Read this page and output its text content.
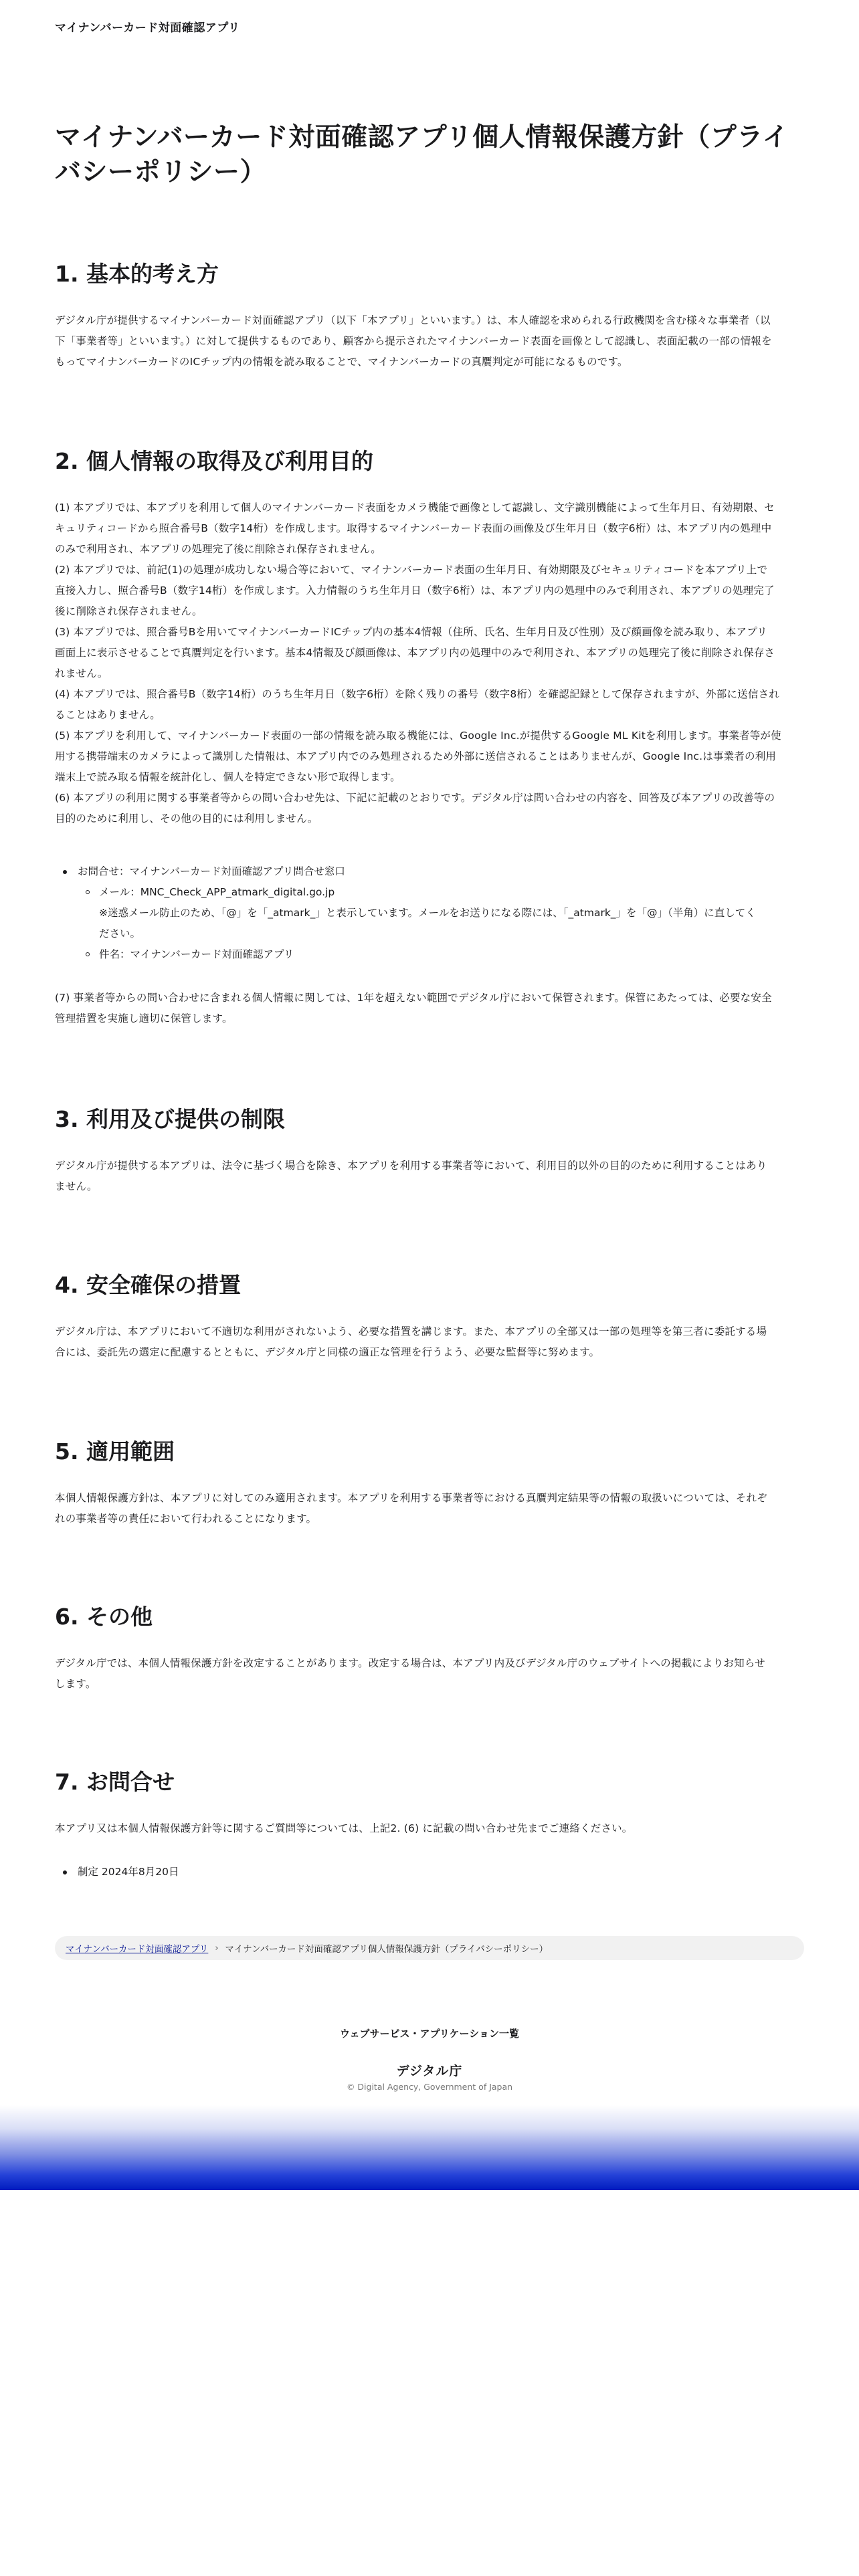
マイナンバーカード対面確認アプリ
マイナンバーカード対面確認アプリ個人情報保護方針（プライバシーポリシー）
1. 基本的考え方

デジタル庁が提供するマイナンバーカード対面確認アプリ（以下「本アプリ」といいます。）は、本人確認を求められる行政機関を含む様々な事業者（以

下「事業者等」といいます。）に対して提供するものであり、顧客から提示されたマイナンバーカード表面を画像として認識し、表面記載の一部の情報を

もってマイナンバーカードのICチップ内の情報を読み取ることで、マイナンバーカードの真贋判定が可能になるものです。

2. 個人情報の取得及び利用目的

(1) 本アプリでは、本アプリを利用して個人のマイナンバーカード表面をカメラ機能で画像として認識し、文字識別機能によって生年月日、有効期限、セ

キュリティコードから照合番号B（数字14桁）を作成します。取得するマイナンバーカード表面の画像及び生年月日（数字6桁）は、本アプリ内の処理中

のみで利用され、本アプリの処理完了後に削除され保存されません。

(2) 本アプリでは、前記(1)の処理が成功しない場合等において、マイナンバーカード表面の生年月日、有効期限及びセキュリティコードを本アプリ上で

直接入力し、照合番号B（数字14桁）を作成します。入力情報のうち生年月日（数字6桁）は、本アプリ内の処理中のみで利用され、本アプリの処理完了

後に削除され保存されません。

(3) 本アプリでは、照合番号Bを用いてマイナンバーカードICチップ内の基本4情報（住所、氏名、生年月日及び性別）及び顔画像を読み取り、本アプリ

画面上に表示させることで真贋判定を行います。基本4情報及び顔画像は、本アプリ内の処理中のみで利用され、本アプリの処理完了後に削除され保存さ

れません。

(4) 本アプリでは、照合番号B（数字14桁）のうち生年月日（数字6桁）を除く残りの番号（数字8桁）を確認記録として保存されますが、外部に送信され

ることはありません。

(5) 本アプリを利用して、マイナンバーカード表面の一部の情報を読み取る機能には、Google Inc.が提供するGoogle ML Kitを利用します。事業者等が使

用する携帯端末のカメラによって識別した情報は、本アプリ内でのみ処理されるため外部に送信されることはありませんが、Google Inc.は事業者の利用

端末上で読み取る情報を統計化し、個人を特定できない形で取得します。

(6) 本アプリの利用に関する事業者等からの問い合わせ先は、下記に記載のとおりです。デジタル庁は問い合わせの内容を、回答及び本アプリの改善等の

目的のために利用し、その他の目的には利用しません。

お問合せ：マイナンバーカード対面確認アプリ問合せ窓口
メール：MNC_Check_APP_atmark_digital.go.jp
※迷惑メール防止のため、「@」を「_atmark_」と表示しています。メールをお送りになる際には、「_atmark_」を「@」（半角）に直してく
ださい。
件名：マイナンバーカード対面確認アプリ

(7) 事業者等からの問い合わせに含まれる個人情報に関しては、1年を超えない範囲でデジタル庁において保管されます。保管にあたっては、必要な安全

管理措置を実施し適切に保管します。

3. 利用及び提供の制限

デジタル庁が提供する本アプリは、法令に基づく場合を除き、本アプリを利用する事業者等において、利用目的以外の目的のために利用することはあり

ません。

4. 安全確保の措置

デジタル庁は、本アプリにおいて不適切な利用がされないよう、必要な措置を講じます。また、本アプリの全部又は一部の処理等を第三者に委託する場

合には、委託先の選定に配慮するとともに、デジタル庁と同様の適正な管理を行うよう、必要な監督等に努めます。

5. 適用範囲

本個人情報保護方針は、本アプリに対してのみ適用されます。本アプリを利用する事業者等における真贋判定結果等の情報の取扱いについては、それぞ

れの事業者等の責任において行われることになります。

6. その他

デジタル庁では、本個人情報保護方針を改定することがあります。改定する場合は、本アプリ内及びデジタル庁のウェブサイトへの掲載によりお知らせ

します。

7. お問合せ

本アプリ又は本個人情報保護方針等に関するご質問等については、上記2. (6) に記載の問い合わせ先までご連絡ください。

制定 2024年8月20日
マイナンバーカード対面確認アプリ › マイナンバーカード対面確認アプリ個人情報保護方針（プライバシーポリシー）
ウェブサービス・アプリケーション一覧
デジタル庁
© Digital Agency, Government of Japan
